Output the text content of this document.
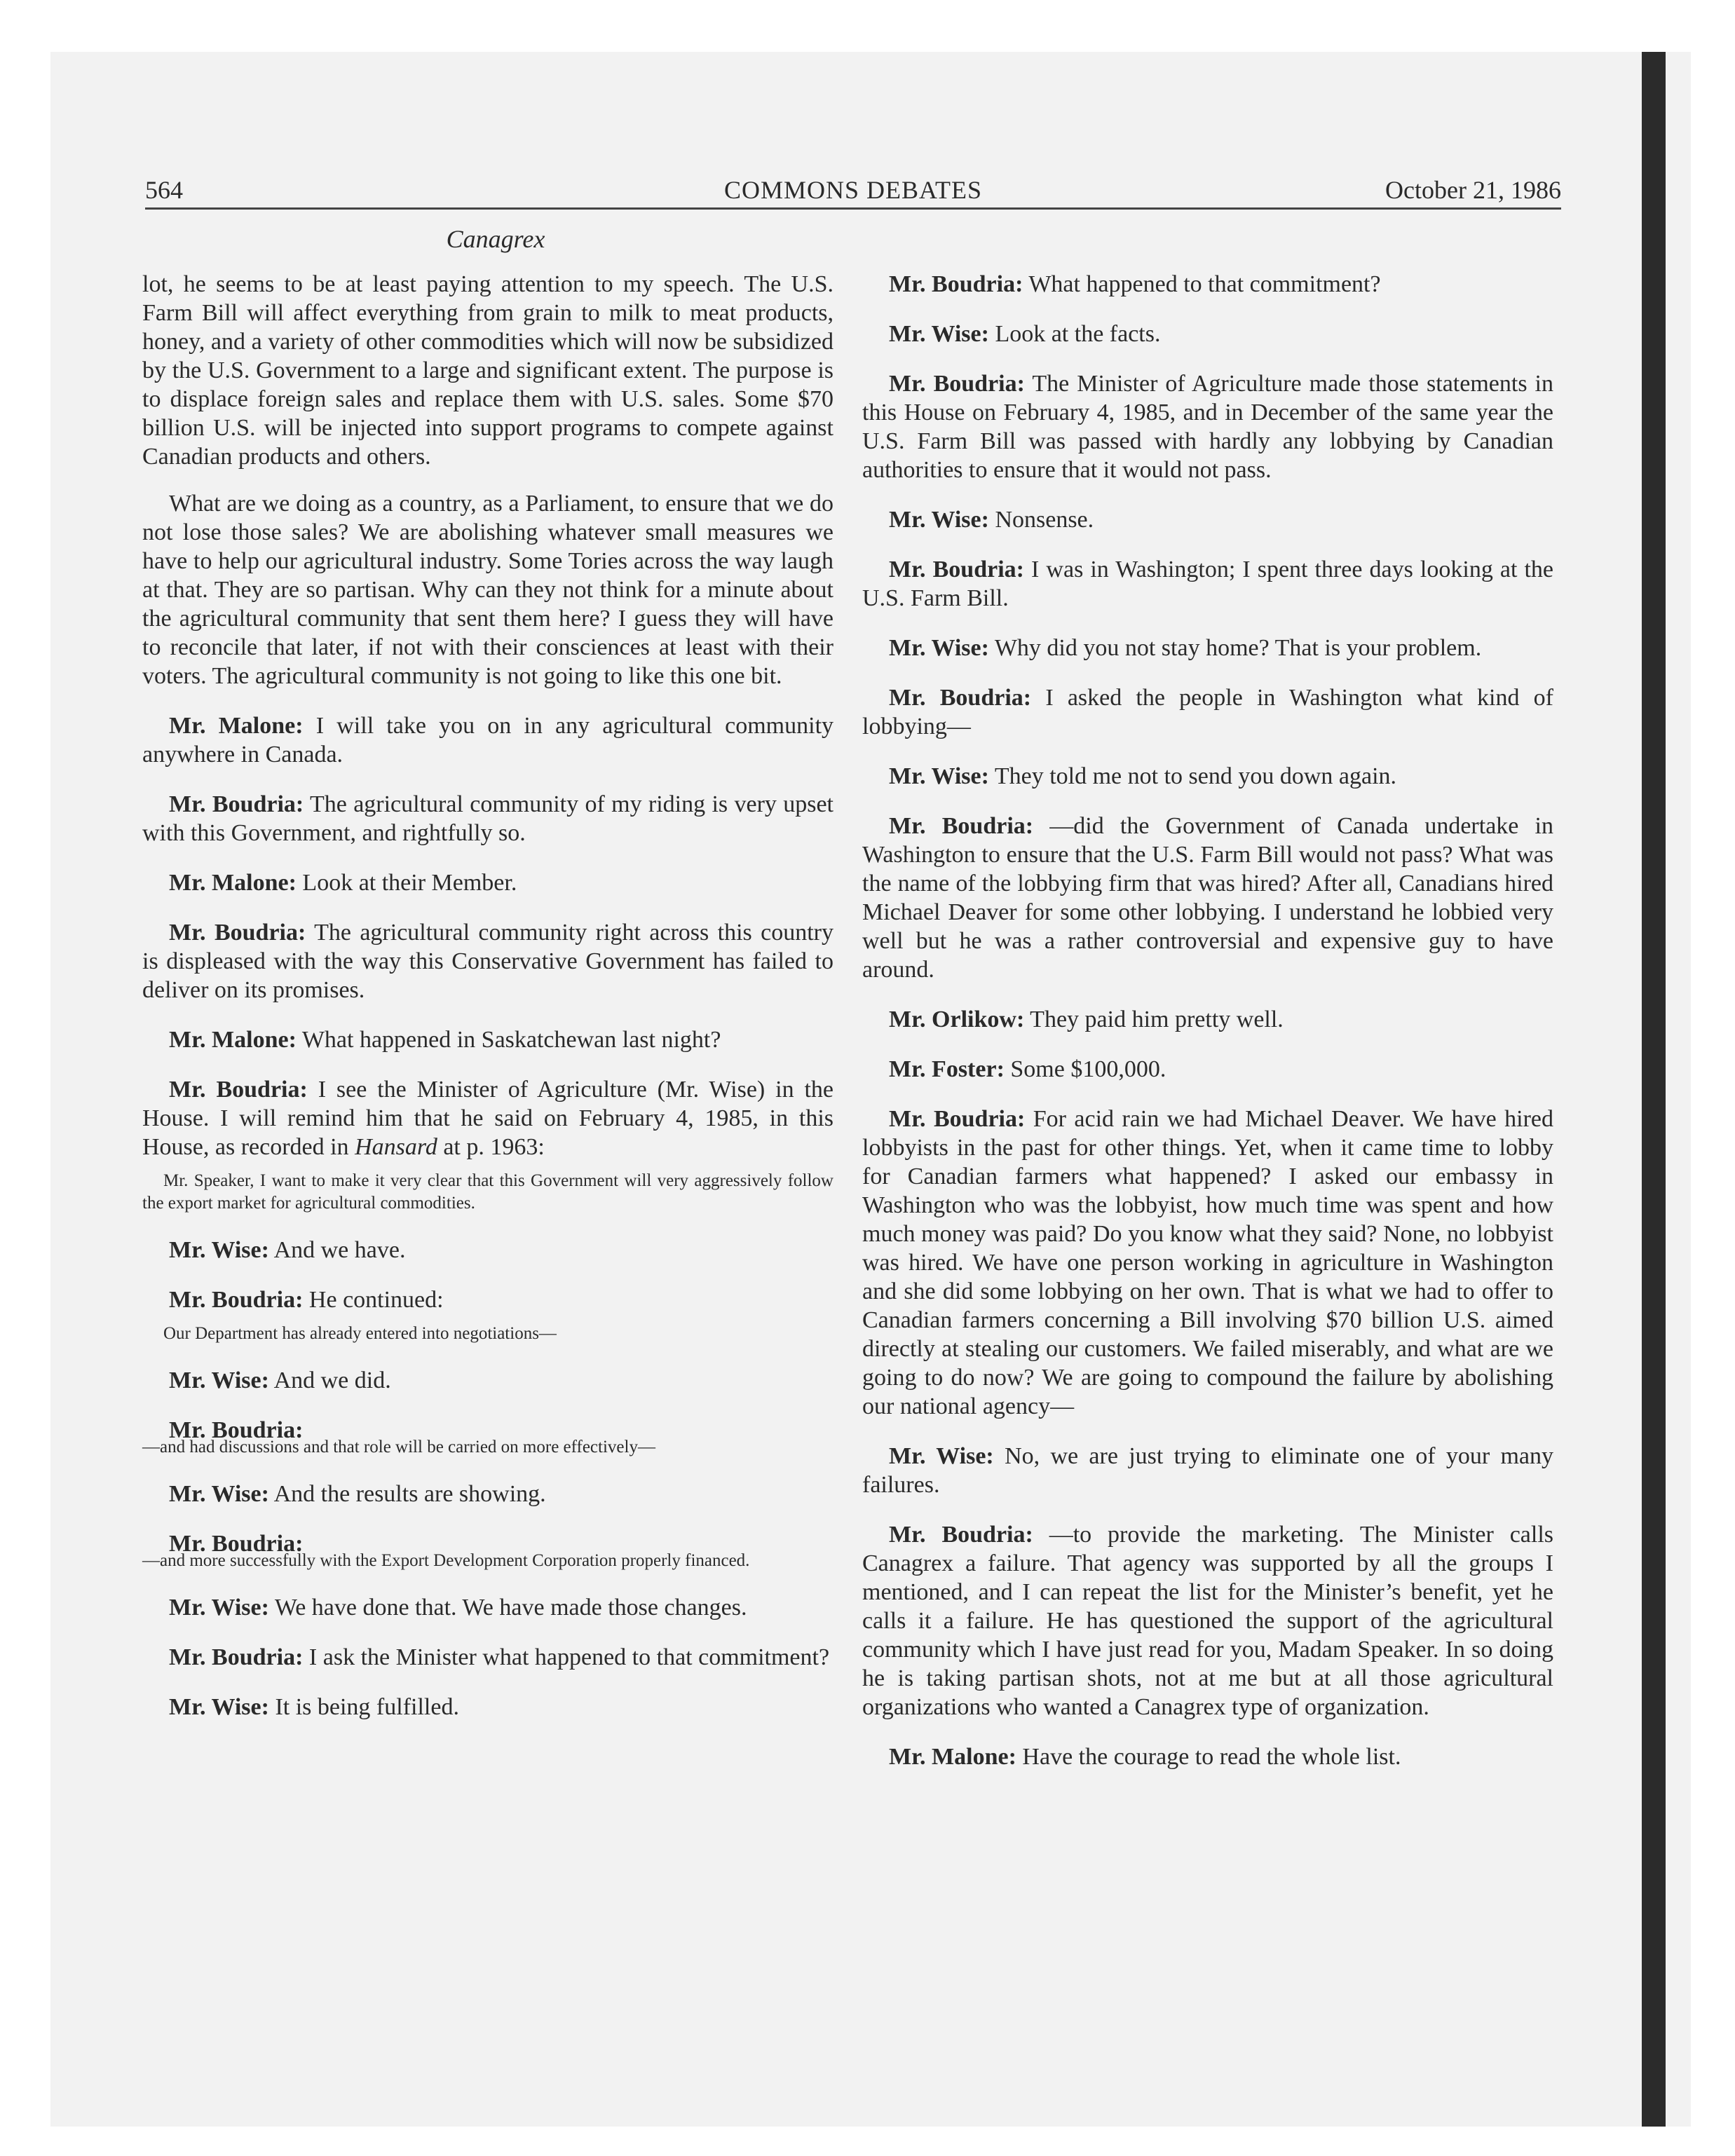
564	COMMONS DEBATES	October 21, 1986
Canagrex

lot, he seems to be at least paying attention to my speech. The U.S. Farm Bill will affect everything from grain to milk to meat products, honey, and a variety of other commodities which will now be subsidized by the U.S. Government to a large and significant extent. The purpose is to displace foreign sales and replace them with U.S. sales. Some $70 billion U.S. will be injected into support programs to compete against Canadian products and others.

What are we doing as a country, as a Parliament, to ensure that we do not lose those sales? We are abolishing whatever small measures we have to help our agricultural industry. Some Tories across the way laugh at that. They are so partisan. Why can they not think for a minute about the agricultural community that sent them here? I guess they will have to reconcile that later, if not with their consciences at least with their voters. The agricultural community is not going to like this one bit.

Mr. Malone: I will take you on in any agricultural community anywhere in Canada.

Mr. Boudria: The agricultural community of my riding is very upset with this Government, and rightfully so.

Mr. Malone: Look at their Member.

Mr. Boudria: The agricultural community right across this country is displeased with the way this Conservative Government has failed to deliver on its promises.

Mr. Malone: What happened in Saskatchewan last night?

Mr. Boudria: I see the Minister of Agriculture (Mr. Wise) in the House. I will remind him that he said on February 4, 1985, in this House, as recorded in Hansard at p. 1963:

Mr. Speaker, I want to make it very clear that this Government will very aggressively follow the export market for agricultural commodities.

Mr. Wise: And we have.

Mr. Boudria: He continued:

Our Department has already entered into negotiations—

Mr. Wise: And we did.

Mr. Boudria:

—and had discussions and that role will be carried on more effectively—

Mr. Wise: And the results are showing.

Mr. Boudria:

—and more successfully with the Export Development Corporation properly financed.

Mr. Wise: We have done that. We have made those changes.

Mr. Boudria: I ask the Minister what happened to that commitment?

Mr. Wise: It is being fulfilled.

Mr. Boudria: What happened to that commitment?

Mr. Wise: Look at the facts.

Mr. Boudria: The Minister of Agriculture made those statements in this House on February 4, 1985, and in December of the same year the U.S. Farm Bill was passed with hardly any lobbying by Canadian authorities to ensure that it would not pass.

Mr. Wise: Nonsense.

Mr. Boudria: I was in Washington; I spent three days looking at the U.S. Farm Bill.

Mr. Wise: Why did you not stay home? That is your problem.

Mr. Boudria: I asked the people in Washington what kind of lobbying—

Mr. Wise: They told me not to send you down again.

Mr. Boudria: —did the Government of Canada undertake in Washington to ensure that the U.S. Farm Bill would not pass? What was the name of the lobbying firm that was hired? After all, Canadians hired Michael Deaver for some other lobbying. I understand he lobbied very well but he was a rather controversial and expensive guy to have around.

Mr. Orlikow: They paid him pretty well.

Mr. Foster: Some $100,000.

Mr. Boudria: For acid rain we had Michael Deaver. We have hired lobbyists in the past for other things. Yet, when it came time to lobby for Canadian farmers what happened? I asked our embassy in Washington who was the lobbyist, how much time was spent and how much money was paid? Do you know what they said? None, no lobbyist was hired. We have one person working in agriculture in Washington and she did some lobbying on her own. That is what we had to offer to Canadian farmers concerning a Bill involving $70 billion U.S. aimed directly at stealing our customers. We failed miserably, and what are we going to do now? We are going to compound the failure by abolishing our national agency—

Mr. Wise: No, we are just trying to eliminate one of your many failures.

Mr. Boudria: —to provide the marketing. The Minister calls Canagrex a failure. That agency was supported by all the groups I mentioned, and I can repeat the list for the Minister’s benefit, yet he calls it a failure. He has questioned the support of the agricultural community which I have just read for you, Madam Speaker. In so doing he is taking partisan shots, not at me but at all those agricultural organizations who wanted a Canagrex type of organization.

Mr. Malone: Have the courage to read the whole list.
